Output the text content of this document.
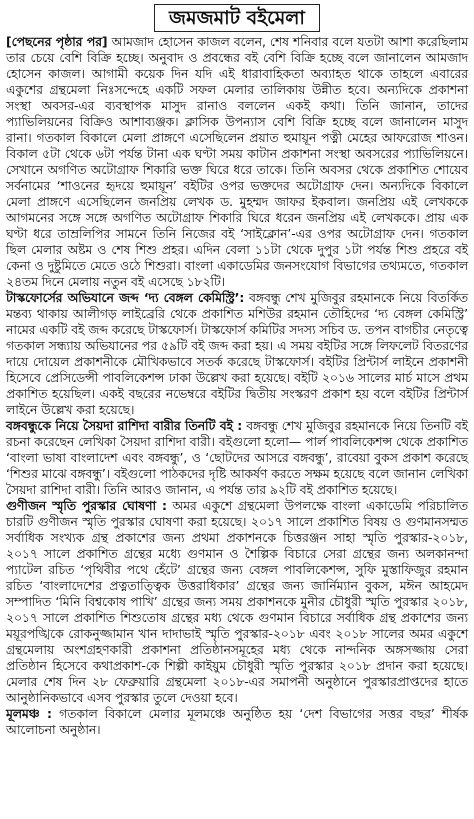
জমজমাট বইমেলা

[পেছনের পৃষ্ঠার পর] আমজাদ হোসেন কাজল বলেন, শেষ শনিবার বলে যতটা আশা করেছিলাম তার চেয়ে বেশি বিক্রি হচ্ছে। অনুবাদ ও প্রবন্ধের বই বেশি বিক্রি হচ্ছে বলে জানালেন আমজাদ হোসেন কাজল। আগামী কয়েক দিন যদি এই ধারাবাহিকতা অব্যাহত থাকে তাহলে এবারের একুশের গ্রন্থমেলা নিঃসন্দেহে একটি সফল মেলার তালিকায় উন্নীত হবে। অন্যদিকে প্রকাশনা সংস্থা অবসর-এর ব্যবস্থাপক মাসুদ রানাও বললেন একই কথা। তিনি জানান, তাদের প্যাভিলিয়নের বিক্রিও আশাব্যঞ্জক। ক্লাসিক উপন্যাস বেশি বিক্রি হচ্ছে বলে জানালেন মাসুদ রানা। গতকাল বিকালে মেলা প্রাঙ্গণে এসেছিলেন প্রয়াত হুমায়ূন পত্নী মেহের আফরোজ শাওন। বিকাল ৫টা থেকে ৬টা পর্যন্ত টানা এক ঘণ্টা সময় কাটান প্রকাশনা সংস্থা অবসরের প্যাভিলিয়নে। সেখানে অগণিত অটোগ্রাফ শিকারি ভক্ত ঘিরে ধরে তাকে। তিনি অবসর থেকে প্রকাশিত শোয়েব সর্বনামের ‘শাওনের হৃদয়ে হুমায়ূন’ বইটির ওপর ভক্তদের অটোগ্রাফ দেন। অন্যদিকে বিকালে মেলা প্রাঙ্গণে এসেছিলেন জনপ্রিয় লেখক ড. মুহম্মদ জাফর ইকবাল। জনপ্রিয় এই লেখককে আগমনের সঙ্গে সঙ্গে অগণিত অটোগ্রাফ শিকারি ঘিরে ধরেন জনপ্রিয় এই লেখককে। প্রায় এক ঘণ্টা ধরে তাম্রলিপির সামনে তিনি নিজের বই ‘সাইক্লোন’-এর ওপর অটোগ্রাফ দেন। গতকাল ছিল মেলার অষ্টম ও শেষ শিশু প্রহর। এদিন বেলা ১১টা থেকে দুপুর ১টা পর্যন্ত শিশু প্রহরে বই কেনা ও দুষ্টুমিতে মেতে ওঠে শিশুরা। বাংলা একাডেমির জনসংযোগ বিভাগের তথ্যমতে, গতকাল ২৪তম দিনে মেলায় নতুন বই এসেছে ১৮২টি।

টাস্কফোর্সের অভিযানে জব্দ ‘দ্য বেঙ্গল কেমিস্ট্রি’: বঙ্গবন্ধু শেখ মুজিবুর রহমানকে নিয়ে বিতর্কিত মন্তব্য থাকায় আলীগড় লাইব্রেরি থেকে প্রকাশিত মশিউর রহমান তৌহিদের ‘দ্য বেঙ্গল কেমিস্ট্রি’ নামের একটি বই জব্দ করেছে টাস্কফোর্স। টাস্কফোর্স কমিটির সদস্য সচিব ড. তপন বাগচীর নেতৃত্বে গতকাল সন্ধ্যায় অভিযানের পর ৫৯টি বই জব্দ করা হয়। এ সময় বইটির সঙ্গে লিফলেট বিতরণের দায়ে দোয়েল প্রকাশনীকে মৌখিকভাবে সতর্ক করেছে টাস্কফোর্স। বইটির প্রিন্টার্স লাইনে প্রকাশনী হিসেবে প্রেসিডেন্সী পাবলিকেশন্স ঢাকা উল্লেখ করা হয়েছে। বইটি ২০১৬ সালের মার্চ মাসে প্রথম প্রকাশিত হয়েছিল। একই বছরের নভেম্বরে বইটির দ্বিতীয় সংস্করণ প্রকাশ হয় বলে বইটির প্রিন্টার্স লাইনে উল্লেখ করা হয়েছে।

বঙ্গবন্ধুকে নিয়ে সৈয়দা রাশিদা বারীর তিনটি বই : বঙ্গবন্ধু শেখ মুজিবুর রহমানকে নিয়ে তিনটি বই রচনা করেছেন লেখিকা সৈয়দা রাশিদা বারী। বইগুলো হলো— পার্ল পাবলিকেশন্স থেকে প্রকাশিত ‘বাংলা ভাষা বাংলাদেশ এবং বঙ্গবন্ধু’, ও ‘ছোটদের আসরে বঙ্গবন্ধু’, রাবেয়া বুকস প্রকাশ করেছে ‘শিশুর মাঝে বঙ্গবন্ধু’। বইগুলো পাঠকদের দৃষ্টি আকর্ষণ করতে সক্ষম হয়েছে বলে জানান লেখিকা সৈয়দা রাশিদা বারী। তিনি আরও জানান, এ পর্যন্ত তার ৯২টি বই প্রকাশিত হয়েছে।

গুণীজন স্মৃতি পুরস্কার ঘোষণা : অমর একুশে গ্রন্থমেলা উপলক্ষে বাংলা একাডেমি পরিচালিত চারটি গুণীজন স্মৃতি পুরস্কার ঘোষণা করা হয়েছে। ২০১৭ সালে প্রকাশিত বিষয় ও গুণমানসম্মত সর্বাধিক সংখ্যক গ্রন্থ প্রকাশের জন্য প্রথমা প্রকাশনকে চিত্তরঞ্জন সাহা স্মৃতি পুরস্কার-২০১৮, ২০১৭ সালে প্রকাশিত গ্রন্থের মধ্যে গুণমান ও শৈল্পিক বিচারে সেরা গ্রন্থের জন্য অলকানন্দা প্যাটেল রচিত ‘পৃথিবীর পথে হেঁটে’ গ্রন্থের জন্য বেঙ্গল পাবলিকেশন্স, সুফি মুস্তাফিজুর রহমান রচিত ‘বাংলাদেশের প্রত্নতাত্ত্বিক উত্তরাধিকার’ গ্রন্থের জন্য জার্নিম্যান বুকস, মঈন আহমেদ সম্পাদিত ‘মিনি বিশ্বকোষ পাখি’ গ্রন্থের জন্য সময় প্রকাশনকে মুনীর চৌধুরী স্মৃতি পুরস্কার ২০১৮, ২০১৭ সালে প্রকাশিত শিশুতোষ গ্রন্থের মধ্য থেকে গুণমান বিচারে সর্বাধিক গ্রন্থ প্রকাশের জন্য ময়ূরপঙ্খিকে রোকনুজ্জামান খান দাদাভাই স্মৃতি পুরস্কার-২০১৮ এবং ২০১৮ সালের অমর একুশে গ্রন্থমেলায় অংশগ্রহণকারী প্রকাশনা প্রতিষ্ঠানসমূহের মধ্য থেকে নান্দনিক অঙ্গসজ্জায় সেরা প্রতিষ্ঠান হিসেবে কথাপ্রকাশ-কে শিল্পী কাইয়ুম চৌধুরী স্মৃতি পুরস্কার ২০১৮ প্রদান করা হয়েছে। মেলার শেষ দিন ২৮ ফেব্রুয়ারি গ্রন্থমেলা ২০১৮-এর সমাপনী অনুষ্ঠানে পুরস্কারপ্রাপ্তদের হাতে আনুষ্ঠানিকভাবে এসব পুরস্কার তুলে দেওয়া হবে।

মূলমঞ্চ : গতকাল বিকালে মেলার মূলমঞ্চে অনুষ্ঠিত হয় ‘দেশ বিভাগের সত্তর বছর’ শীর্ষক আলোচনা অনুষ্ঠান।
